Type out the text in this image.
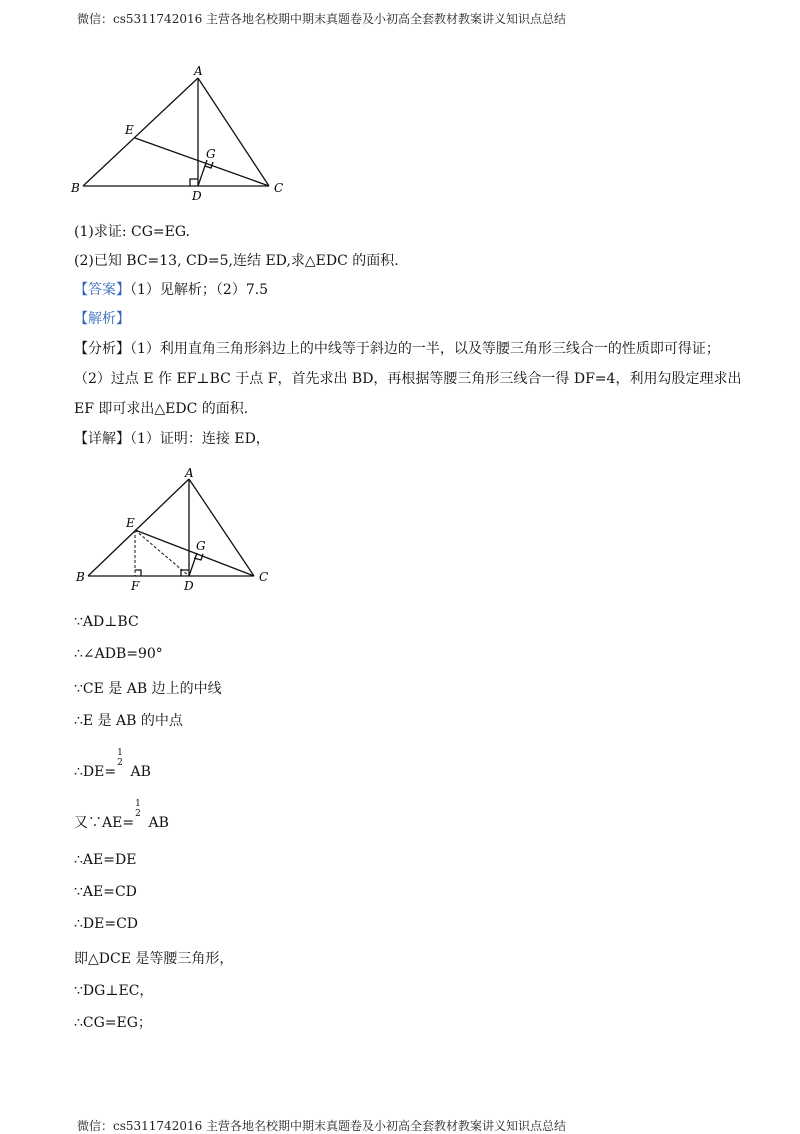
微信：cs5311742016 主营各地名校期中期末真题卷及小初高全套教材教案讲义知识点总结
A
B	C
D
E
G
(1)求证: CG=EG.
(2)已知 BC=13, CD=5,连结 ED,求△EDC 的面积.
【答案】（1）见解析；（2）7.5
【解析】
【分析】（1）利用直角三角形斜边上的中线等于斜边的一半，以及等腰三角形三线合一的性质即可得证；
（2）过点 E 作 EF⊥BC 于点 F，首先求出 BD，再根据等腰三角形三线合一得 DF=4，利用勾股定理求出
EF 即可求出△EDC 的面积.
【详解】（1）证明：连接 ED，
A
B	C
D
E
F
G
∵AD⊥BC
∴∠ADB=90°
∵CE 是 AB 边上的中线
∴E 是 AB 的中点
∴DE=
1
2
AB
又∵AE=
1
2
AB
∴AE=DE
∵AE=CD
∴DE=CD
即△DCE 是等腰三角形，
∵DG⊥EC，
∴CG=EG；
微信：cs5311742016 主营各地名校期中期末真题卷及小初高全套教材教案讲义知识点总结
